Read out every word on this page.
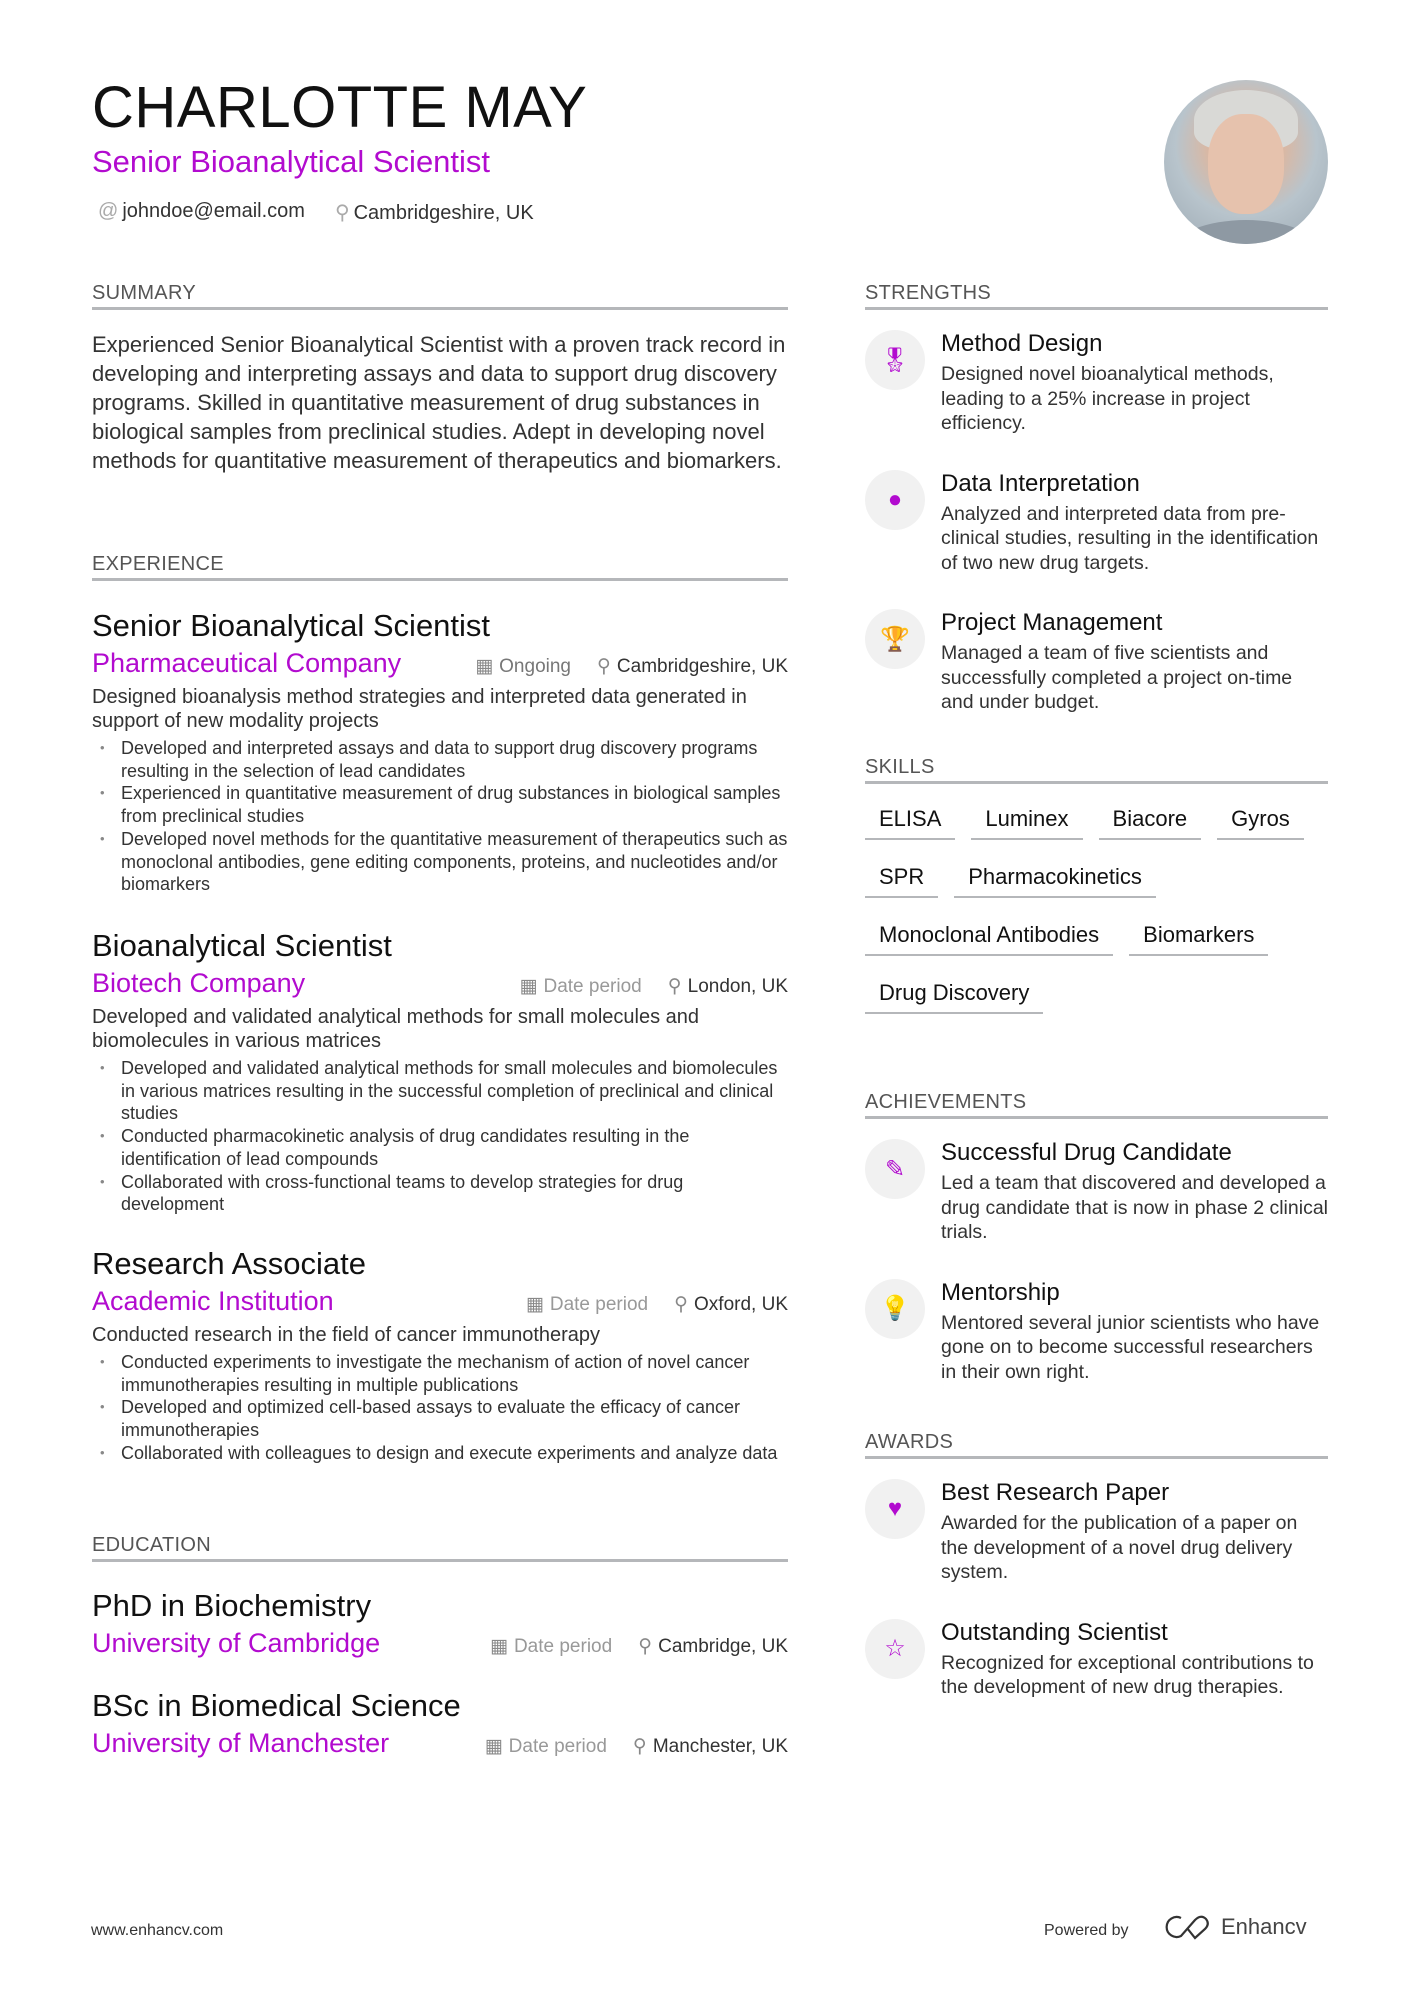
CHARLOTTE MAY
Senior Bioanalytical Scientist
@ johndoe@email.com ⚲ Cambridgeshire, UK
SUMMARY
Experienced Senior Bioanalytical Scientist with a proven track record in developing and interpreting assays and data to support drug discovery programs. Skilled in quantitative measurement of drug substances in biological samples from preclinical studies. Adept in developing novel methods for quantitative measurement of therapeutics and biomarkers.
EXPERIENCE
Senior Bioanalytical Scientist
Pharmaceutical Company	▦ Ongoing ⚲ Cambridgeshire, UK
Designed bioanalysis method strategies and interpreted data generated in support of new modality projects
• Developed and interpreted assays and data to support drug discovery programs resulting in the selection of lead candidates
• Experienced in quantitative measurement of drug substances in biological samples from preclinical studies
• Developed novel methods for the quantitative measurement of therapeutics such as monoclonal antibodies, gene editing components, proteins, and nucleotides and/or biomarkers
Bioanalytical Scientist
Biotech Company	▦ Date period ⚲ London, UK
Developed and validated analytical methods for small molecules and biomolecules in various matrices
• Developed and validated analytical methods for small molecules and biomolecules in various matrices resulting in the successful completion of preclinical and clinical studies
• Conducted pharmacokinetic analysis of drug candidates resulting in the identification of lead compounds
• Collaborated with cross-functional teams to develop strategies for drug development
Research Associate
Academic Institution	▦ Date period ⚲ Oxford, UK
Conducted research in the field of cancer immunotherapy
• Conducted experiments to investigate the mechanism of action of novel cancer immunotherapies resulting in multiple publications
• Developed and optimized cell-based assays to evaluate the efficacy of cancer immunotherapies
• Collaborated with colleagues to design and execute experiments and analyze data
EDUCATION
PhD in Biochemistry
University of Cambridge	▦ Date period ⚲ Cambridge, UK
BSc in Biomedical Science
University of Manchester	▦ Date period ⚲ Manchester, UK
STRENGTHS
🎖
Method Design
Designed novel bioanalytical methods, leading to a 25% increase in project efficiency.
●
Data Interpretation
Analyzed and interpreted data from pre-clinical studies, resulting in the identification of two new drug targets.
🏆
Project Management
Managed a team of five scientists and successfully completed a project on-time and under budget.
SKILLS
ELISA	Luminex	Biacore	Gyros
SPR	Pharmacokinetics
Monoclonal Antibodies	Biomarkers
Drug Discovery
ACHIEVEMENTS
✎
Successful Drug Candidate
Led a team that discovered and developed a drug candidate that is now in phase 2 clinical trials.
💡
Mentorship
Mentored several junior scientists who have gone on to become successful researchers in their own right.
AWARDS
♥
Best Research Paper
Awarded for the publication of a paper on the development of a novel drug delivery system.
☆
Outstanding Scientist
Recognized for exceptional contributions to the development of new drug therapies.
www.enhancv.com	Powered by	Enhancv
